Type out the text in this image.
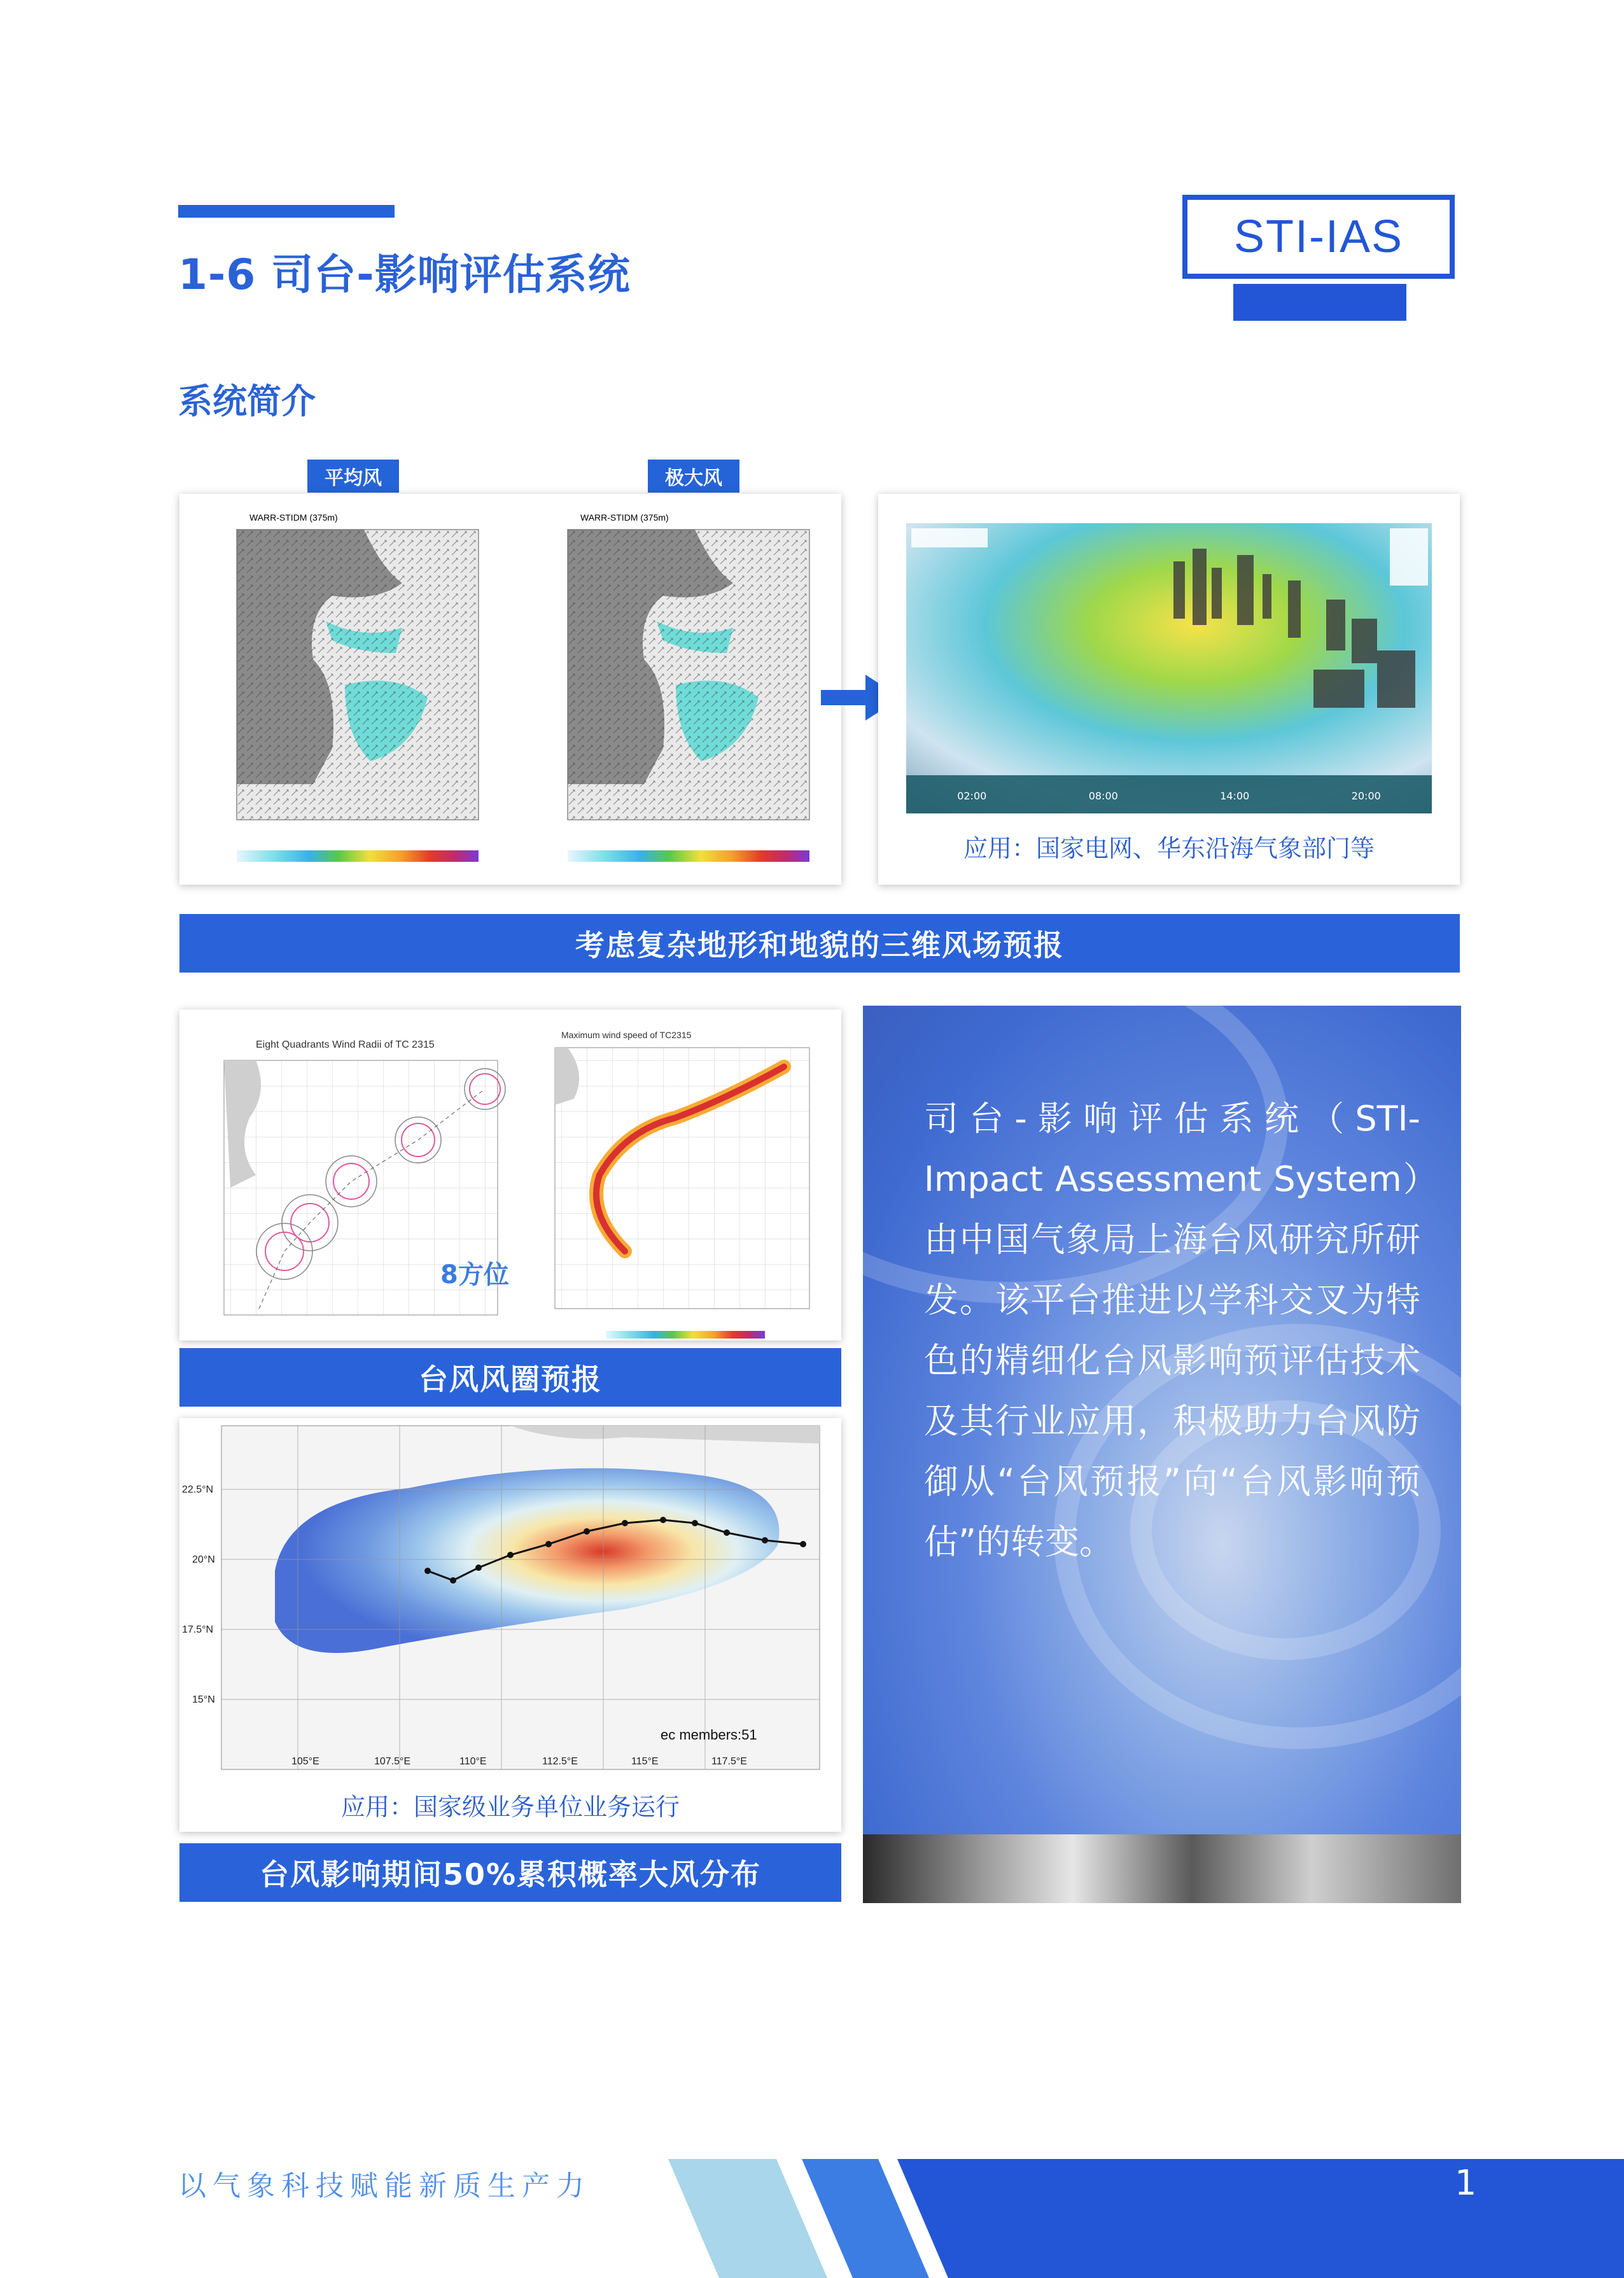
1-6 司台-影响评估系统
STI-IAS
系统简介
平均风	极大风
WARR-STIDM (375m)	WARR-STIDM (375m)
02:00	08:00	14:00	20:00
应用：国家电网、华东沿海气象部门等
考虑复杂地形和地貌的三维风场预报
Eight Quadrants Wind Radii of TC 2315
8方位
Maximum wind speed of TC2315
台风风圈预报
105°E	107.5°E	110°E	112.5°E	115°E	117.5°E
22.5°N
20°N
17.5°N
15°N
ec members:51
应用：国家级业务单位业务运行
台风影响期间50%累积概率大风分布
司台-影响评估系统（STI-Impact Assessment System）由中国气象局上海台风研究所研发。该平台推进以学科交叉为特色的精细化台风影响预评估技术及其行业应用，积极助力台风防御从“台风预报”向“台风影响预估”的转变。
以气象科技赋能新质生产力	1
